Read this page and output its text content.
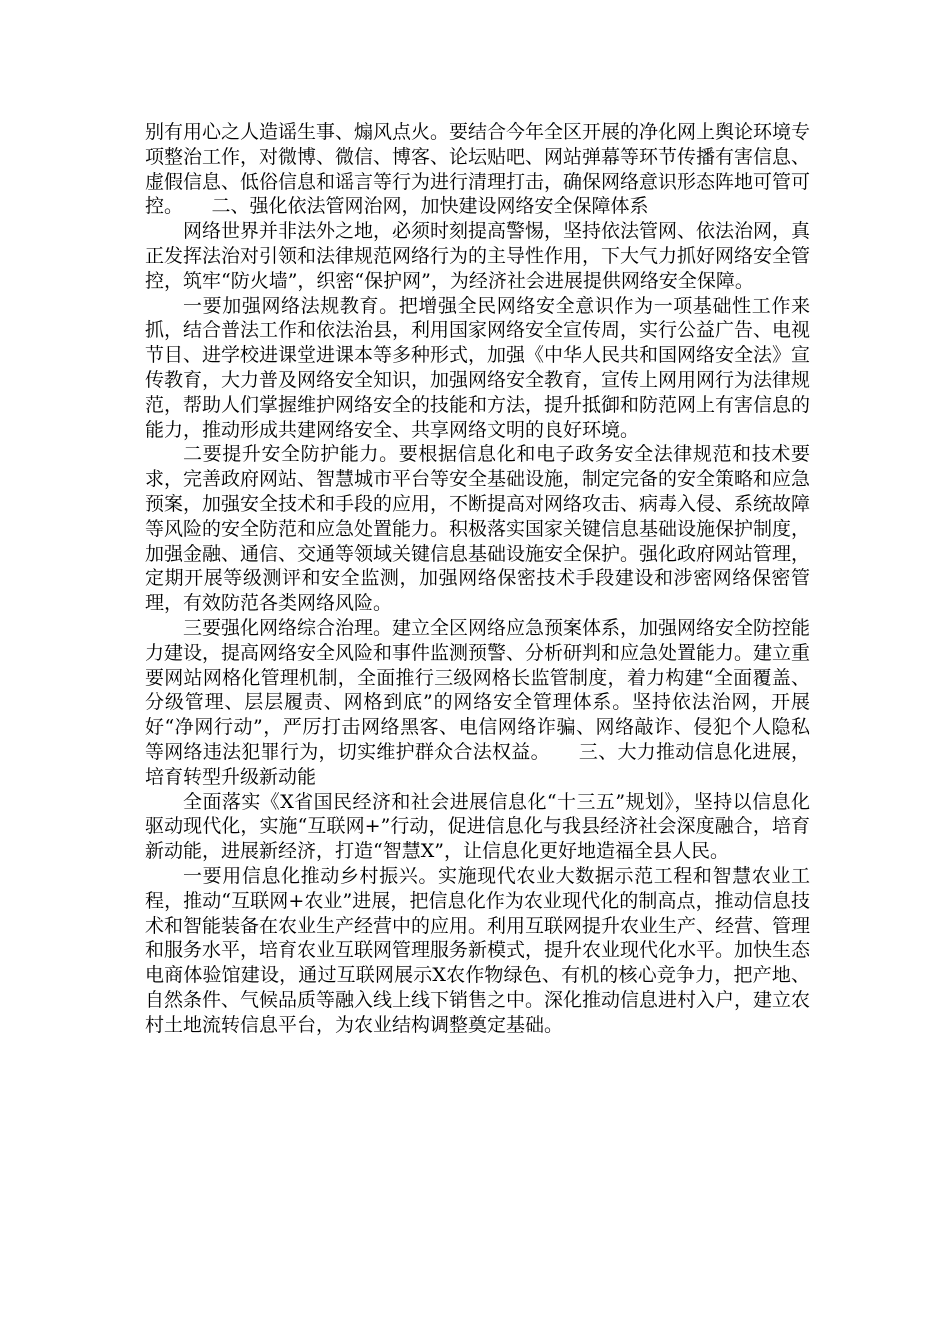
别有用心之人造谣生事、煽风点火。要结合今年全区开展的净化网上舆论环境专项整治工作，对微博、微信、博客、论坛贴吧、网站弹幕等环节传播有害信息、虚假信息、低俗信息和谣言等行为进行清理打击，确保网络意识形态阵地可管可控。　　二、强化依法管网治网，加快建设网络安全保障体系

网络世界并非法外之地，必须时刻提高警惕，坚持依法管网、依法治网，真正发挥法治对引领和法律规范网络行为的主导性作用，下大气力抓好网络安全管控，筑牢“防火墙”，织密“保护网”，为经济社会进展提供网络安全保障。

一要加强网络法规教育。把增强全民网络安全意识作为一项基础性工作来抓，结合普法工作和依法治县，利用国家网络安全宣传周，实行公益广告、电视节目、进学校进课堂进课本等多种形式，加强《中华人民共和国网络安全法》宣传教育，大力普及网络安全知识，加强网络安全教育，宣传上网用网行为法律规范，帮助人们掌握维护网络安全的技能和方法，提升抵御和防范网上有害信息的能力，推动形成共建网络安全、共享网络文明的良好环境。

二要提升安全防护能力。要根据信息化和电子政务安全法律规范和技术要求，完善政府网站、智慧城市平台等安全基础设施，制定完备的安全策略和应急预案，加强安全技术和手段的应用，不断提高对网络攻击、病毒入侵、系统故障等风险的安全防范和应急处置能力。积极落实国家关键信息基础设施保护制度，加强金融、通信、交通等领域关键信息基础设施安全保护。强化政府网站管理，定期开展等级测评和安全监测，加强网络保密技术手段建设和涉密网络保密管理，有效防范各类网络风险。

三要强化网络综合治理。建立全区网络应急预案体系，加强网络安全防控能力建设，提高网络安全风险和事件监测预警、分析研判和应急处置能力。建立重要网站网格化管理机制，全面推行三级网格长监管制度，着力构建“全面覆盖、分级管理、层层履责、网格到底”的网络安全管理体系。坚持依法治网，开展好“净网行动”，严厉打击网络黑客、电信网络诈骗、网络敲诈、侵犯个人隐私等网络违法犯罪行为，切实维护群众合法权益。　　三、大力推动信息化进展，培育转型升级新动能

全面落实《X省国民经济和社会进展信息化“十三五”规划》，坚持以信息化驱动现代化，实施“互联网+”行动，促进信息化与我县经济社会深度融合，培育新动能，进展新经济，打造“智慧X”，让信息化更好地造福全县人民。

一要用信息化推动乡村振兴。实施现代农业大数据示范工程和智慧农业工程，推动“互联网+农业”进展，把信息化作为农业现代化的制高点，推动信息技术和智能装备在农业生产经营中的应用。利用互联网提升农业生产、经营、管理和服务水平，培育农业互联网管理服务新模式，提升农业现代化水平。加快生态电商体验馆建设，通过互联网展示X农作物绿色、有机的核心竞争力，把产地、自然条件、气候品质等融入线上线下销售之中。深化推动信息进村入户，建立农村土地流转信息平台，为农业结构调整奠定基础。
